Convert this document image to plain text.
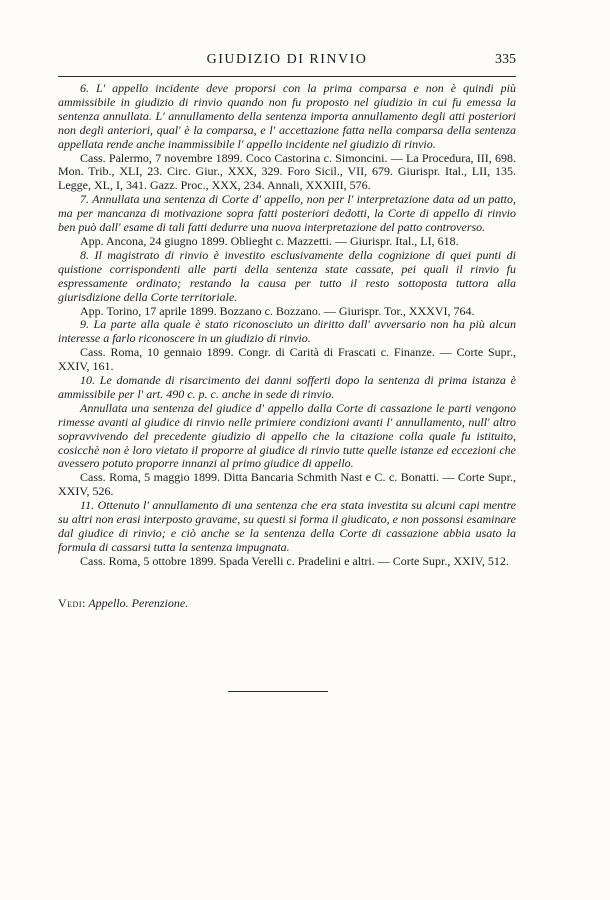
GIUDIZIO DI RINVIO	335

6. L' appello incidente deve proporsi con la prima comparsa e non è quindi più ammissibile in giudizio di rinvio quando non fu proposto nel giudizio in cui fu emessa la sentenza annullata. L' annullamento della sentenza importa annullamento degli atti posteriori non degli anteriori, qual' è la comparsa, e l' accettazione fatta nella comparsa della sentenza appellata rende anche inammissibile l' appello incidente nel giudizio di rinvio.

Cass. Palermo, 7 novembre 1899. Coco Castorina c. Simoncini. — La Procedura, III, 698. Mon. Trib., XLI, 23. Circ. Giur., XXX, 329. Foro Sicil., VII, 679. Giurispr. Ital., LII, 135. Legge, XL, I, 341. Gazz. Proc., XXX, 234. Annali, XXXIII, 576.

7. Annullata una sentenza di Corte d' appello, non per l' interpretazione data ad un patto, ma per mancanza di motivazione sopra fatti posteriori dedotti, la Corte di appello di rinvio ben può dall' esame di tali fatti dedurre una nuova interpretazione del patto controverso.

App. Ancona, 24 giugno 1899. Oblieght c. Mazzetti. — Giurispr. Ital., LI, 618.

8. Il magistrato di rinvio è investito esclusivamente della cognizione di quei punti di quistione corrispondenti alle parti della sentenza state cassate, pei quali il rinvio fu espressamente ordinato; restando la causa per tutto il resto sottoposta tuttora alla giurisdizione della Corte territoriale.

App. Torino, 17 aprile 1899. Bozzano c. Bozzano. — Giurispr. Tor., XXXVI, 764.

9. La parte alla quale è stato riconosciuto un diritto dall' avversario non ha più alcun interesse a farlo riconoscere in un giudizio di rinvio.

Cass. Roma, 10 gennaio 1899. Congr. di Carità di Frascati c. Finanze. — Corte Supr., XXIV, 161.

10. Le domande di risarcimento dei danni sofferti dopo la sentenza di prima istanza è ammissibile per l' art. 490 c. p. c. anche in sede di rinvio.

Annullata una sentenza del giudice d' appello dalla Corte di cassazione le parti vengono rimesse avanti al giudice di rinvio nelle primiere condizioni avanti l' annullamento, null' altro sopravvivendo del precedente giudizio di appello che la citazione colla quale fu istituito, cosicchè non è loro vietato il proporre al giudice di rinvio tutte quelle istanze ed eccezioni che avessero potuto proporre innanzi al primo giudice di appello.

Cass. Roma, 5 maggio 1899. Ditta Bancaria Schmith Nast e C. c. Bonatti. — Corte Supr., XXIV, 526.

11. Ottenuto l' annullamento di una sentenza che era stata investita su alcuni capi mentre su altri non erasi interposto gravame, su questi si forma il giudicato, e non possonsi esaminare dal giudice di rinvio; e ciò anche se la sentenza della Corte di cassazione abbia usato la formula di cassarsi tutta la sentenza impugnata.

Cass. Roma, 5 ottobre 1899. Spada Verelli c. Pradelini e altri. — Corte Supr., XXIV, 512.

Vedi: Appello. Perenzione.
